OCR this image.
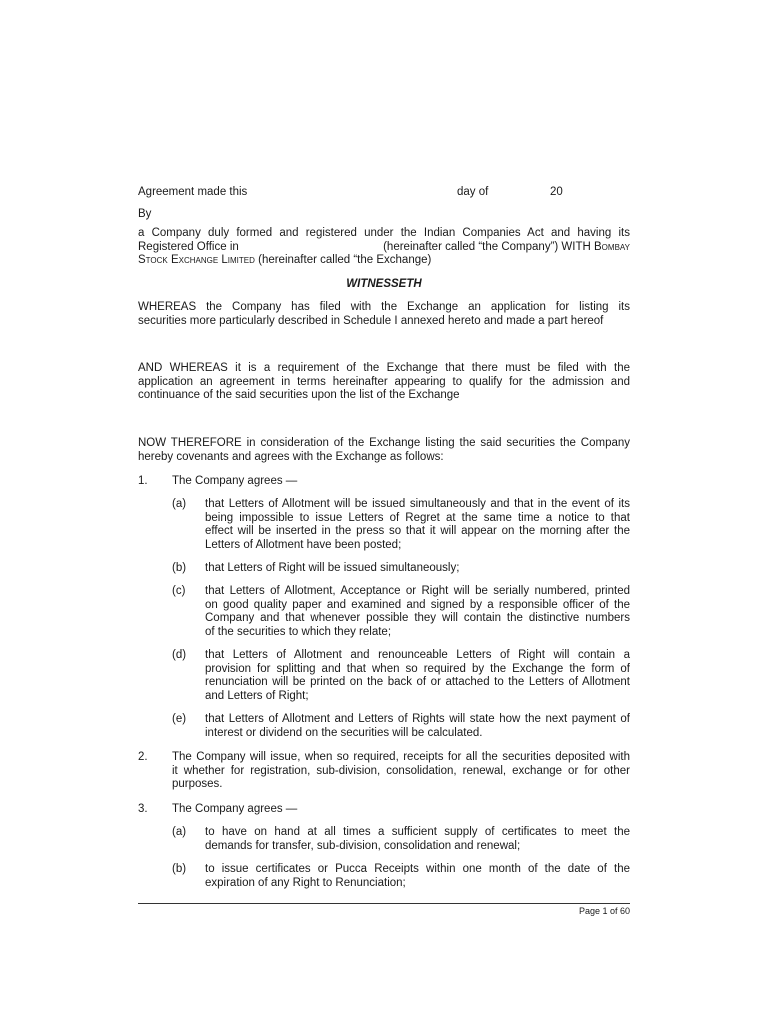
Agreement made this	day of	20
By
a Company duly formed and registered under the Indian Companies Act and having its
Registered Office in	(hereinafter called “the Company”) WITH Bombay
Stock Exchange Limited (hereinafter called “the Exchange)
WITNESSETH
WHEREAS the Company has filed with the Exchange an application for listing its
securities more particularly described in Schedule I annexed hereto and made a part hereof
AND WHEREAS it is a requirement of the Exchange that there must be filed with the
application an agreement in terms hereinafter appearing to qualify for the admission and
continuance of the said securities upon the list of the Exchange
NOW THEREFORE in consideration of the Exchange listing the said securities the Company
hereby covenants and agrees with the Exchange as follows:
1. The Company agrees —
(a) that Letters of Allotment will be issued simultaneously and that in the event of its
being impossible to issue Letters of Regret at the same time a notice to that
effect will be inserted in the press so that it will appear on the morning after the
Letters of Allotment have been posted;
(b) that Letters of Right will be issued simultaneously;
(c) that Letters of Allotment, Acceptance or Right will be serially numbered, printed
on good quality paper and examined and signed by a responsible officer of the
Company and that whenever possible they will contain the distinctive numbers
of the securities to which they relate;
(d) that Letters of Allotment and renounceable Letters of Right will contain a
provision for splitting and that when so required by the Exchange the form of
renunciation will be printed on the back of or attached to the Letters of Allotment
and Letters of Right;
(e) that Letters of Allotment and Letters of Rights will state how the next payment of
interest or dividend on the securities will be calculated.
2. The Company will issue, when so required, receipts for all the securities deposited with
it whether for registration, sub-division, consolidation, renewal, exchange or for other
purposes.
3. The Company agrees —
(a) to have on hand at all times a sufficient supply of certificates to meet the
demands for transfer, sub-division, consolidation and renewal;
(b) to issue certificates or Pucca Receipts within one month of the date of the
expiration of any Right to Renunciation;
Page 1 of 60
